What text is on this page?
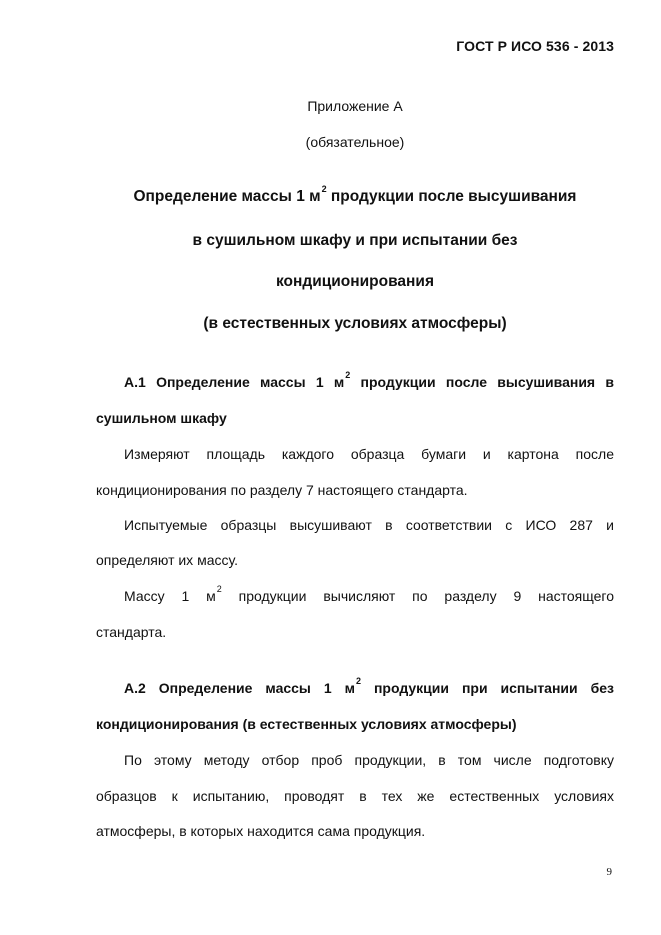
ГОСТ Р ИСО 536 - 2013
Приложение А
(обязательное)
Определение массы 1 $м^2$ продукции после высушивания
в сушильном шкафу и при испытании без
кондиционирования
(в естественных условиях атмосферы)
А.1 Определение массы 1 $м^2$ продукции после высушивания в
сушильном шкафу
Измеряют площадь каждого образца бумаги и картона после
кондиционирования по разделу 7 настоящего стандарта.
Испытуемые образцы высушивают в соответствии с ИСО 287 и
определяют их массу.
Массу 1 $м^2$ продукции вычисляют по разделу 9 настоящего
стандарта.
А.2 Определение массы 1 $м^2$ продукции при испытании без
кондиционирования (в естественных условиях атмосферы)
По этому методу отбор проб продукции, в том числе подготовку
образцов к испытанию, проводят в тех же естественных условиях
атмосферы, в которых находится сама продукция.
9
